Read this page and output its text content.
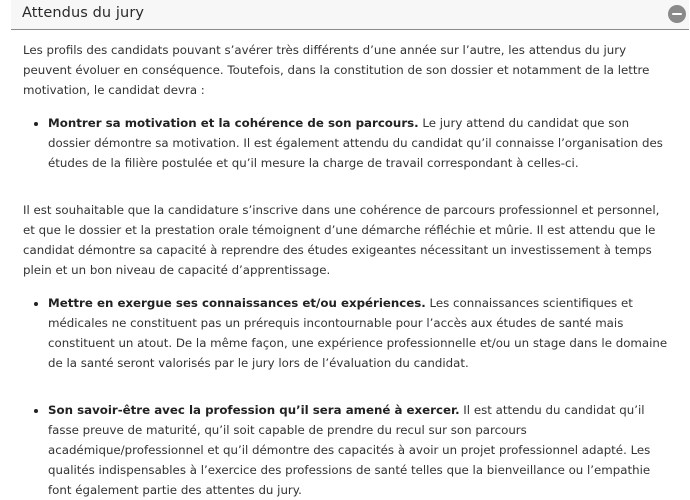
Attendus du jury

Les profils des candidats pouvant s’avérer très différents d’une année sur l’autre, les attendus du jury peuvent évoluer en conséquence. Toutefois, dans la constitution de son dossier et notamment de la lettre motivation, le candidat devra :

• Montrer sa motivation et la cohérence de son parcours. Le jury attend du candidat que son dossier démontre sa motivation. Il est également attendu du candidat qu’il connaisse l’organisation des études de la filière postulée et qu’il mesure la charge de travail correspondant à celles-ci.

Il est souhaitable que la candidature s’inscrive dans une cohérence de parcours professionnel et personnel, et que le dossier et la prestation orale témoignent d’une démarche réfléchie et mûrie. Il est attendu que le candidat démontre sa capacité à reprendre des études exigeantes nécessitant un investissement à temps plein et un bon niveau de capacité d’apprentissage.

• Mettre en exergue ses connaissances et/ou expériences. Les connaissances scientifiques et médicales ne constituent pas un prérequis incontournable pour l’accès aux études de santé mais constituent un atout. De la même façon, une expérience professionnelle et/ou un stage dans le domaine de la santé seront valorisés par le jury lors de l’évaluation du candidat.
• Son savoir-être avec la profession qu’il sera amené à exercer. Il est attendu du candidat qu’il fasse preuve de maturité, qu’il soit capable de prendre du recul sur son parcours académique/professionnel et qu’il démontre des capacités à avoir un projet professionnel adapté. Les qualités indispensables à l’exercice des professions de santé telles que la bienveillance ou l’empathie font également partie des attentes du jury.
